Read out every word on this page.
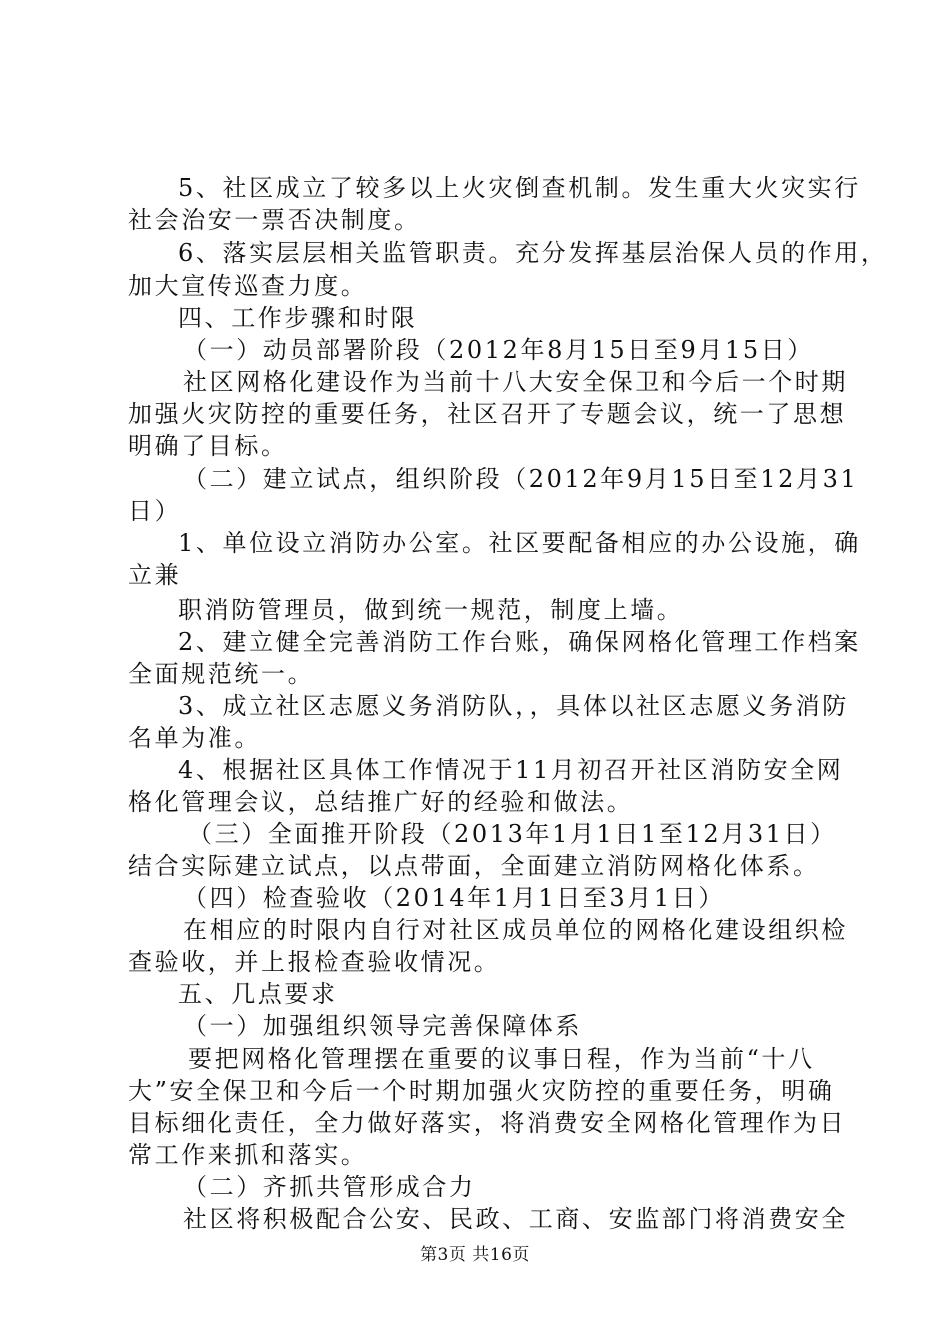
5、社区成立了较多以上火灾倒查机制。发生重大火灾实行
社会治安一票否决制度。
6、落实层层相关监管职责。充分发挥基层治保人员的作用，
加大宣传巡查力度。
四、工作步骤和时限
（一）动员部署阶段（2012年8月15日至9月15日）
社区网格化建设作为当前十八大安全保卫和今后一个时期
加强火灾防控的重要任务，社区召开了专题会议，统一了思想
明确了目标。
（二）建立试点，组织阶段（2012年9月15日至12月31
日）
1、单位设立消防办公室。社区要配备相应的办公设施，确
立兼
职消防管理员，做到统一规范，制度上墙。
2、建立健全完善消防工作台账，确保网格化管理工作档案
全面规范统一。
3、成立社区志愿义务消防队，，具体以社区志愿义务消防
名单为准。
4、根据社区具体工作情况于11月初召开社区消防安全网
格化管理会议，总结推广好的经验和做法。
（三）全面推开阶段（2013年1月1日1至12月31日）
结合实际建立试点，以点带面，全面建立消防网格化体系。
（四）检查验收（2014年1月1日至3月1日）
在相应的时限内自行对社区成员单位的网格化建设组织检
查验收，并上报检查验收情况。
五、几点要求
（一）加强组织领导完善保障体系
要把网格化管理摆在重要的议事日程，作为当前“十八
大”安全保卫和今后一个时期加强火灾防控的重要任务，明确
目标细化责任，全力做好落实，将消费安全网格化管理作为日
常工作来抓和落实。
（二）齐抓共管形成合力
社区将积极配合公安、民政、工商、安监部门将消费安全
第3页 共16页
